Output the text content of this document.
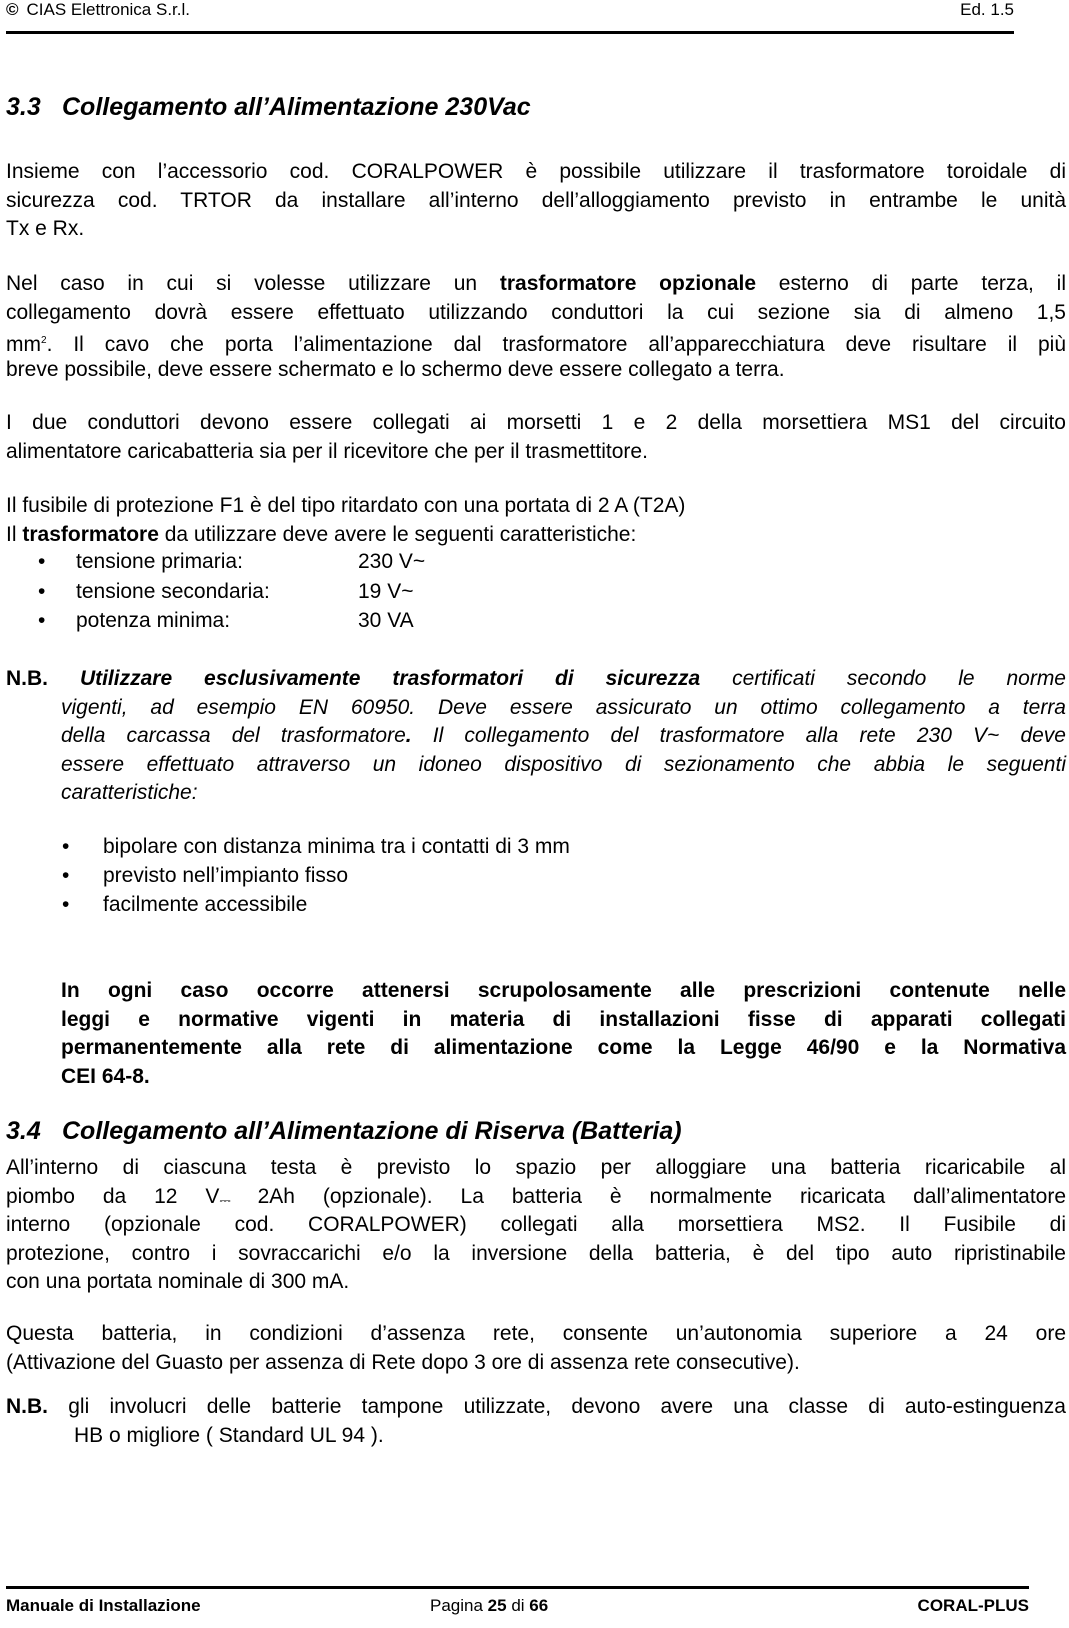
© CIAS Elettronica S.r.l.	Ed. 1.5
3.3 Collegamento all’Alimentazione 230Vac
Insieme con l’accessorio cod. CORALPOWER è possibile utilizzare il trasformatore toroidale di
sicurezza cod. TRTOR da installare all’interno dell’alloggiamento previsto in entrambe le unità
Tx e Rx.
Nel caso in cui si volesse utilizzare un trasformatore opzionale esterno di parte terza, il
collegamento dovrà essere effettuato utilizzando conduttori la cui sezione sia di almeno 1,5
$mm^2$. Il cavo che porta l’alimentazione dal trasformatore all’apparecchiatura deve risultare il più
breve possibile, deve essere schermato e lo schermo deve essere collegato a terra.
I due conduttori devono essere collegati ai morsetti 1 e 2 della morsettiera MS1 del circuito
alimentatore caricabatteria sia per il ricevitore che per il trasmettitore.
Il fusibile di protezione F1 è del tipo ritardato con una portata di 2 A (T2A)
Il trasformatore da utilizzare deve avere le seguenti caratteristiche:
• tensione primaria:	230 V~
• tensione secondaria:	19 V~
• potenza minima:	30 VA
N.B. Utilizzare esclusivamente trasformatori di sicurezza certificati secondo le norme
vigenti, ad esempio EN 60950. Deve essere assicurato un ottimo collegamento a terra
della carcassa del trasformatore. Il collegamento del trasformatore alla rete 230 V~ deve
essere effettuato attraverso un idoneo dispositivo di sezionamento che abbia le seguenti
caratteristiche:
• bipolare con distanza minima tra i contatti di 3 mm
• previsto nell’impianto fisso
• facilmente accessibile
In ogni caso occorre attenersi scrupolosamente alle prescrizioni contenute nelle
leggi e normative vigenti in materia di installazioni fisse di apparati collegati
permanentemente alla rete di alimentazione come la Legge 46/90 e la Normativa
CEI 64-8.
3.4 Collegamento all’Alimentazione di Riserva (Batteria)
All’interno di ciascuna testa è previsto lo spazio per alloggiare una batteria ricaricabile al
piombo da 12 V⎓ 2Ah (opzionale). La batteria è normalmente ricaricata dall’alimentatore
interno (opzionale cod. CORALPOWER) collegati alla morsettiera MS2. Il Fusibile di
protezione, contro i sovraccarichi e/o la inversione della batteria, è del tipo auto ripristinabile
con una portata nominale di 300 mA.
Questa batteria, in condizioni d’assenza rete, consente un’autonomia superiore a 24 ore
(Attivazione del Guasto per assenza di Rete dopo 3 ore di assenza rete consecutive).
N.B. gli involucri delle batterie tampone utilizzate, devono avere una classe di auto-estinguenza
HB o migliore ( Standard UL 94 ).
Manuale di Installazione	Pagina 25 di 66	CORAL-PLUS
